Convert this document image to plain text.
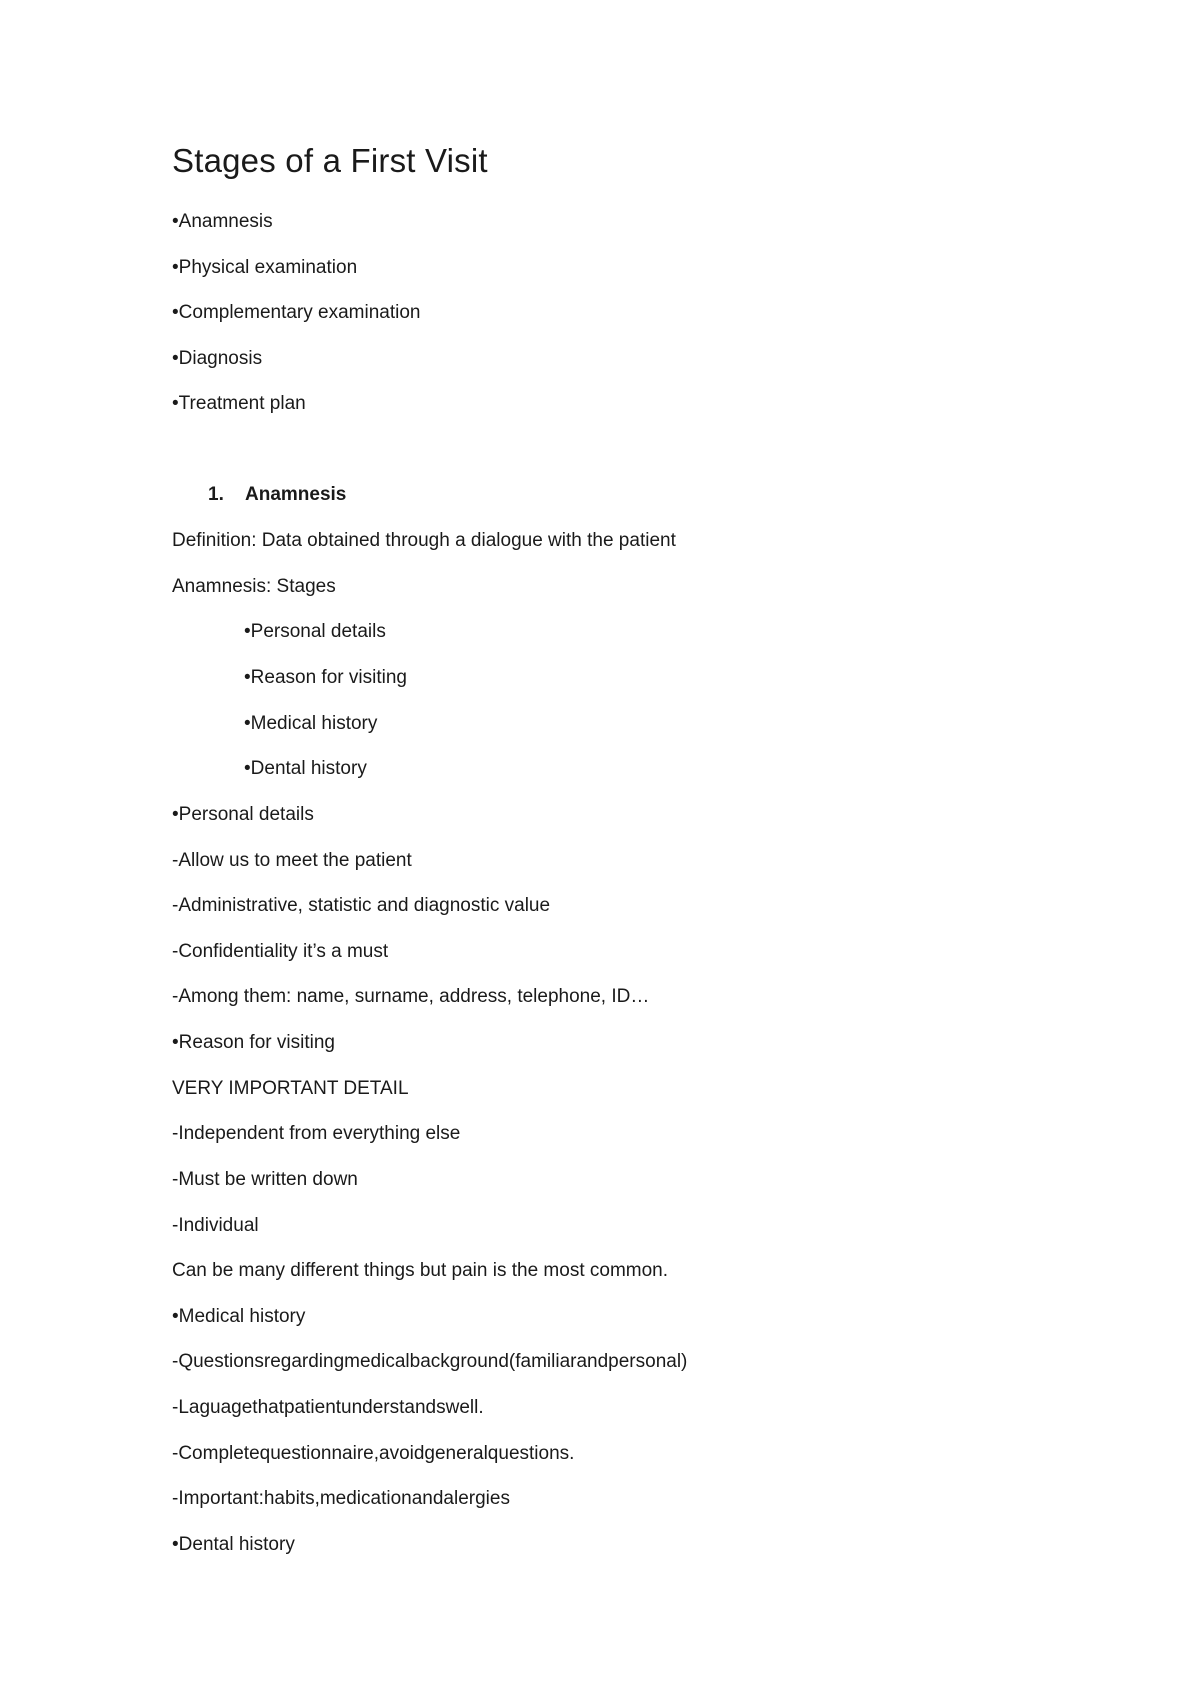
Stages of a First Visit
•Anamnesis
•Physical examination
•Complementary examination
•Diagnosis
•Treatment plan
1. Anamnesis
Definition: Data obtained through a dialogue with the patient
Anamnesis: Stages
•Personal details
•Reason for visiting
•Medical history
•Dental history
•Personal details
-Allow us to meet the patient
-Administrative, statistic and diagnostic value
-Confidentiality it’s a must
-Among them: name, surname, address, telephone, ID…
•Reason for visiting
VERY IMPORTANT DETAIL
-Independent from everything else
-Must be written down
-Individual
Can be many different things but pain is the most common.
•Medical history
-Questionsregardingmedicalbackground(familiarandpersonal)
-Laguagethatpatientunderstandswell.
-Completequestionnaire,avoidgeneralquestions.
-Important:habits,medicationandalergies
•Dental history
